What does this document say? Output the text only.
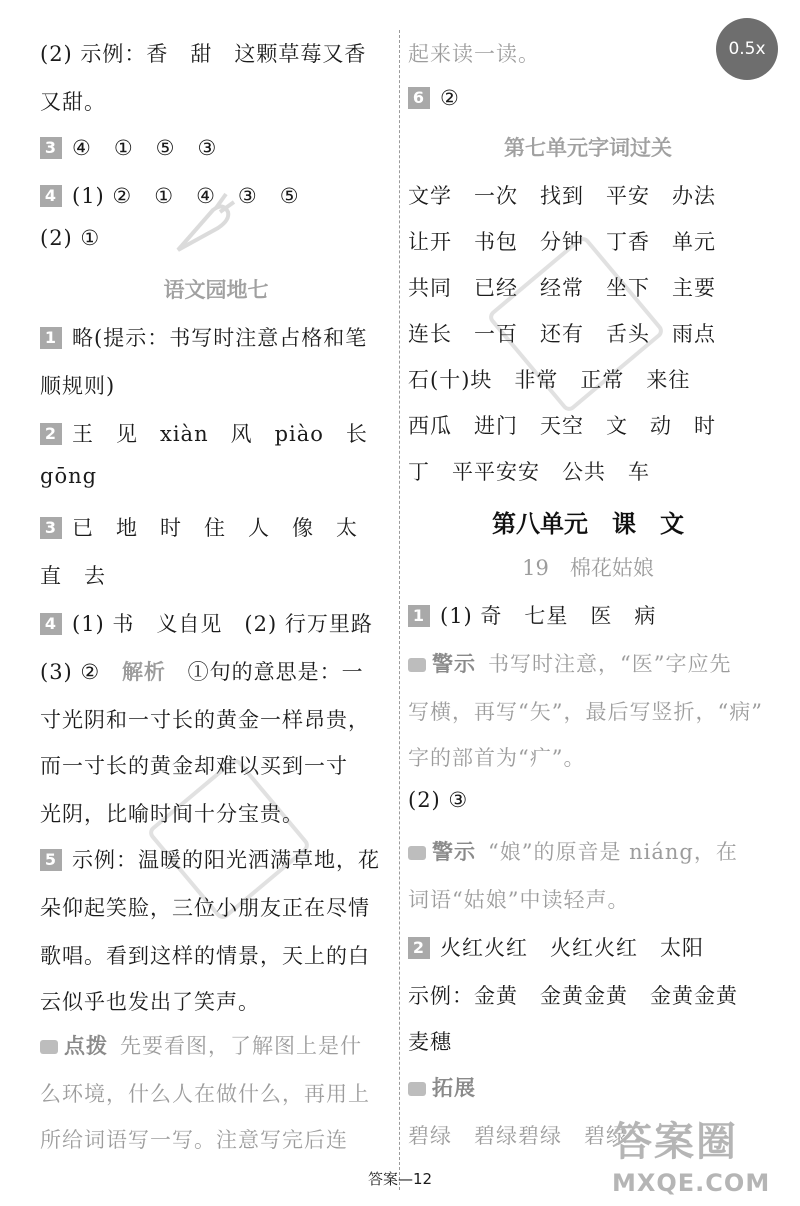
0.5x
(2) 示例：香　甜　这颗草莓又香
又甜。
3 ④　①　⑤　③
4 (1) ②　①　④　③　⑤
(2) ①
语文园地七
1 略(提示：书写时注意占格和笔
顺规则)
2 王　见　xiàn　风　piào　长
gōng
3 已　地　时　住　人　像　太
直　去
4 (1) 书　义自见　(2) 行万里路
(3) ② 解析 ①句的意思是：一
寸光阴和一寸长的黄金一样昂贵，
而一寸长的黄金却难以买到一寸
光阴，比喻时间十分宝贵。
5 示例：温暖的阳光洒满草地，花
朵仰起笑脸，三位小朋友正在尽情
歌唱。看到这样的情景，天上的白
云似乎也发出了笑声。
点拨 先要看图，了解图上是什
么环境，什么人在做什么，再用上
所给词语写一写。注意写完后连
起来读一读。
6 ②
第七单元字词过关
文学　一次　找到　平安　办法
让开　书包　分钟　丁香　单元
共同　已经　经常　坐下　主要
连长　一百　还有　舌头　雨点
石(十)块　非常　正常　来往
西瓜　进门　天空　文　动　时
丁　平平安安　公共　车
第八单元　课　文
19　棉花姑娘
1 (1) 奇　七星　医　病
警示 书写时注意，“医”字应先
写横，再写“矢”，最后写竖折，“病”
字的部首为“疒”。
(2) ③
警示 “娘”的原音是 niáng，在
词语“姑娘”中读轻声。
2 火红火红　火红火红　太阳
示例：金黄　金黄金黄　金黄金黄
麦穗
拓展
碧绿　碧绿碧绿　碧绿
答案圈
MXQE.COM
答案—12
